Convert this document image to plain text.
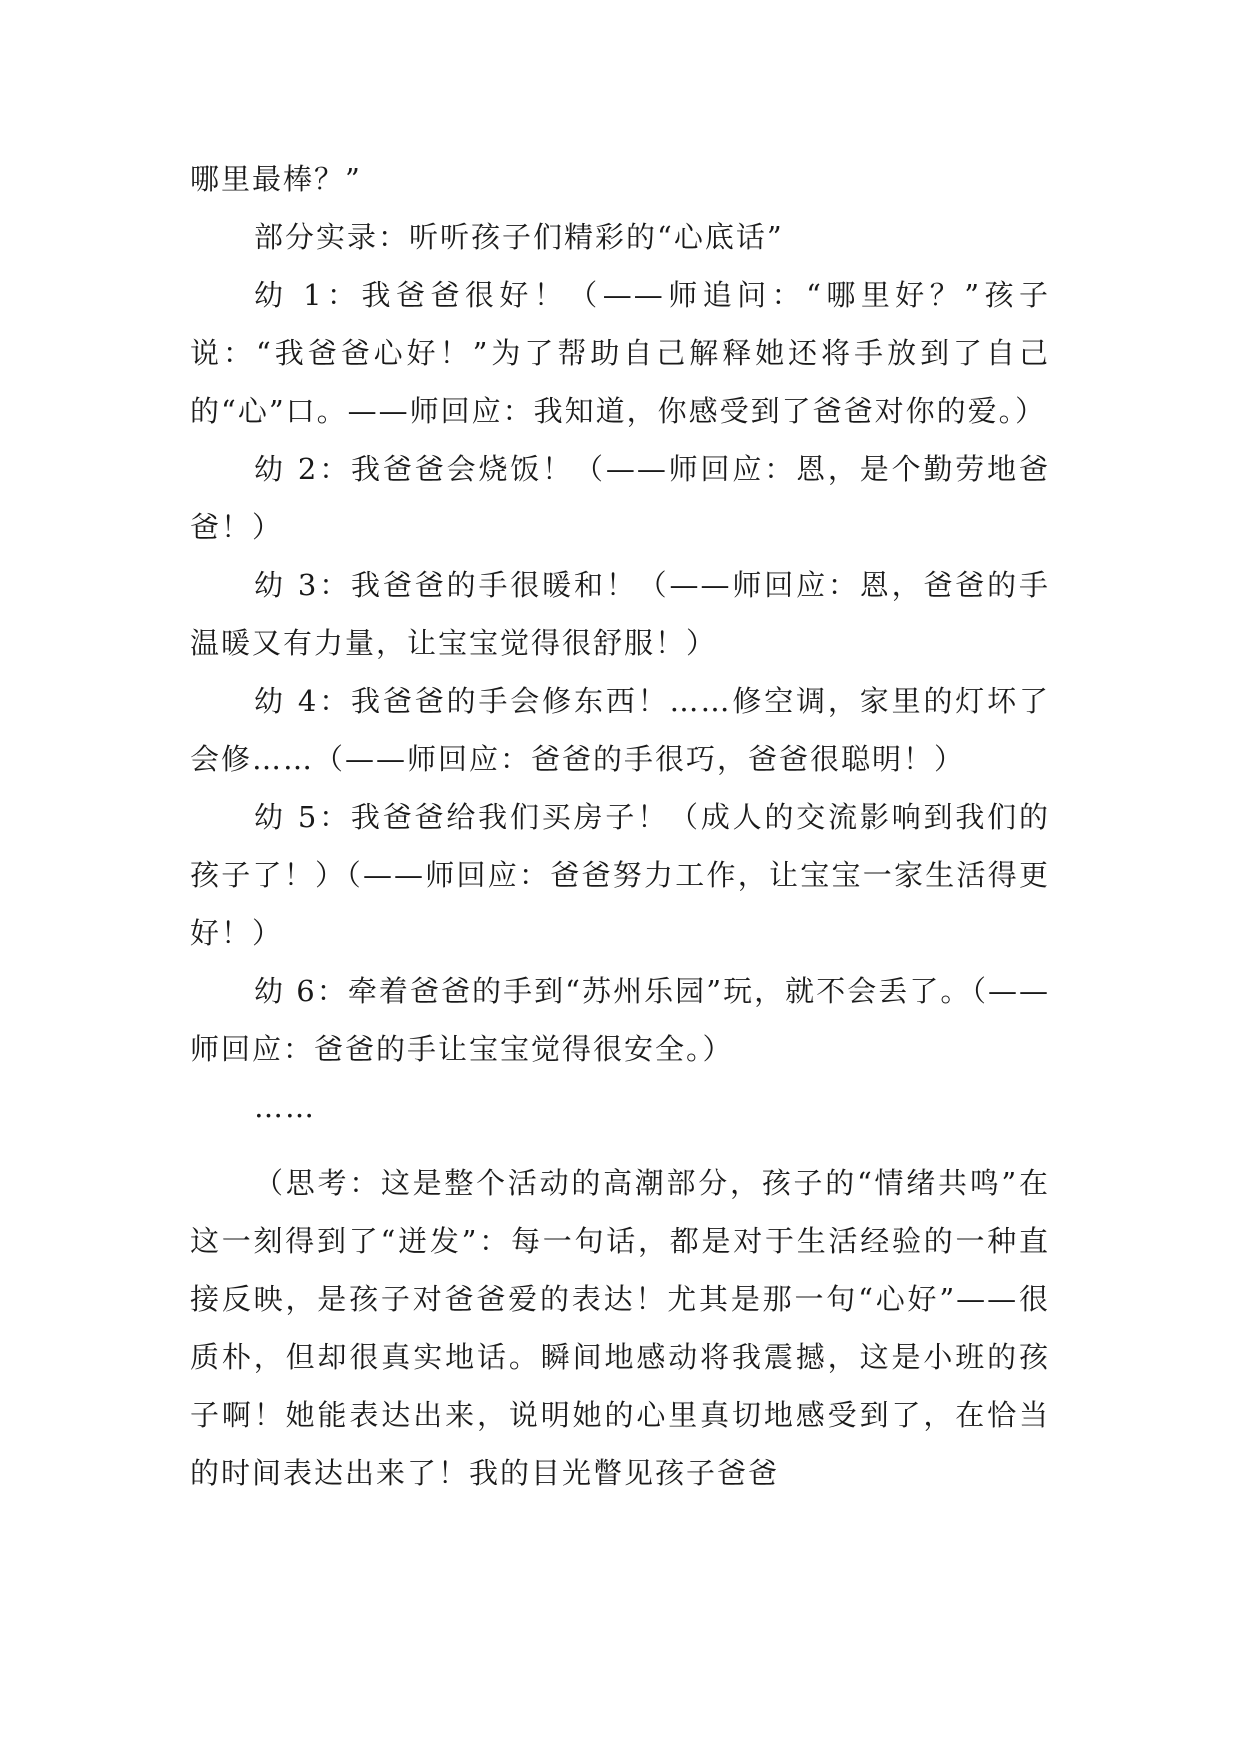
哪里最棒？”

部分实录：听听孩子们精彩的“心底话”

幼 1：我爸爸很好！（——师追问：“哪里好？”孩子说：“我爸爸心好！”为了帮助自己解释她还将手放到了自己的“心”口。——师回应：我知道，你感受到了爸爸对你的爱。）

幼 2：我爸爸会烧饭！（——师回应：恩，是个勤劳地爸爸！）

幼 3：我爸爸的手很暖和！（——师回应：恩，爸爸的手温暖又有力量，让宝宝觉得很舒服！）

幼 4：我爸爸的手会修东西！……修空调，家里的灯坏了会修……（——师回应：爸爸的手很巧，爸爸很聪明！）

幼 5：我爸爸给我们买房子！（成人的交流影响到我们的孩子了！）（——师回应：爸爸努力工作，让宝宝一家生活得更好！）

幼 6：牵着爸爸的手到“苏州乐园”玩，就不会丢了。（——师回应：爸爸的手让宝宝觉得很安全。）

……

（思考：这是整个活动的高潮部分，孩子的“情绪共鸣”在这一刻得到了“迸发”：每一句话，都是对于生活经验的一种直接反映，是孩子对爸爸爱的表达！尤其是那一句“心好”——很质朴，但却很真实地话。瞬间地感动将我震撼，这是小班的孩子啊！她能表达出来，说明她的心里真切地感受到了，在恰当的时间表达出来了！我的目光瞥见孩子爸爸
